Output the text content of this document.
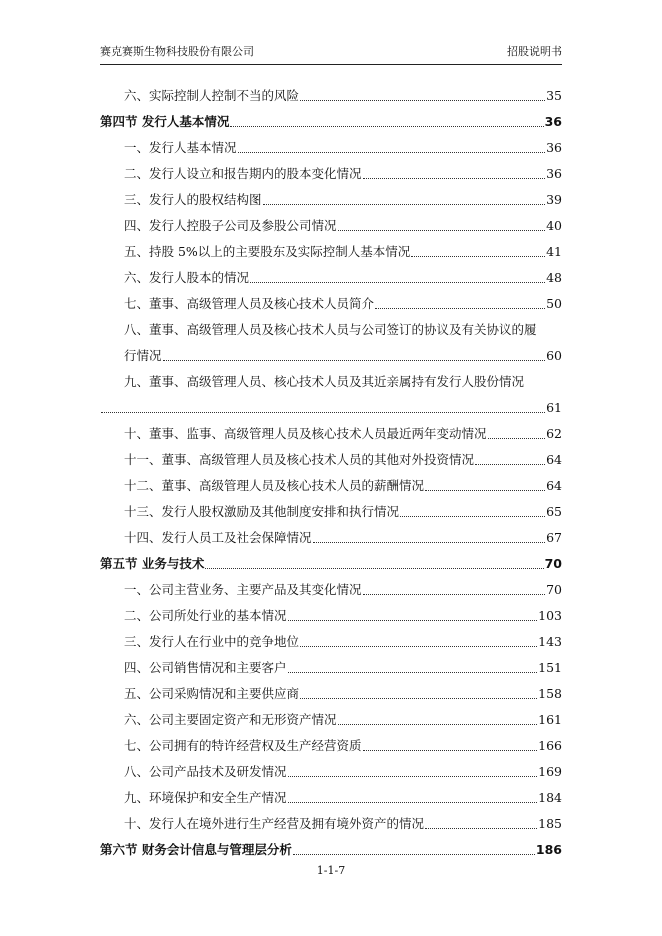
赛克赛斯生物科技股份有限公司	招股说明书
六、实际控制人控制不当的风险	35
第四节 发行人基本情况	36
一、发行人基本情况	36
二、发行人设立和报告期内的股本变化情况	36
三、发行人的股权结构图	39
四、发行人控股子公司及参股公司情况	40
五、持股 5%以上的主要股东及实际控制人基本情况	41
六、发行人股本的情况	48
七、董事、高级管理人员及核心技术人员简介	50
八、董事、高级管理人员及核心技术人员与公司签订的协议及有关协议的履
行情况	60
九、董事、高级管理人员、核心技术人员及其近亲属持有发行人股份情况
61
十、董事、监事、高级管理人员及核心技术人员最近两年变动情况	62
十一、董事、高级管理人员及核心技术人员的其他对外投资情况	64
十二、董事、高级管理人员及核心技术人员的薪酬情况	64
十三、发行人股权激励及其他制度安排和执行情况	65
十四、发行人员工及社会保障情况	67
第五节 业务与技术	70
一、公司主营业务、主要产品及其变化情况	70
二、公司所处行业的基本情况	103
三、发行人在行业中的竞争地位	143
四、公司销售情况和主要客户	151
五、公司采购情况和主要供应商	158
六、公司主要固定资产和无形资产情况	161
七、公司拥有的特许经营权及生产经营资质	166
八、公司产品技术及研发情况	169
九、环境保护和安全生产情况	184
十、发行人在境外进行生产经营及拥有境外资产的情况	185
第六节 财务会计信息与管理层分析	186
1-1-7
